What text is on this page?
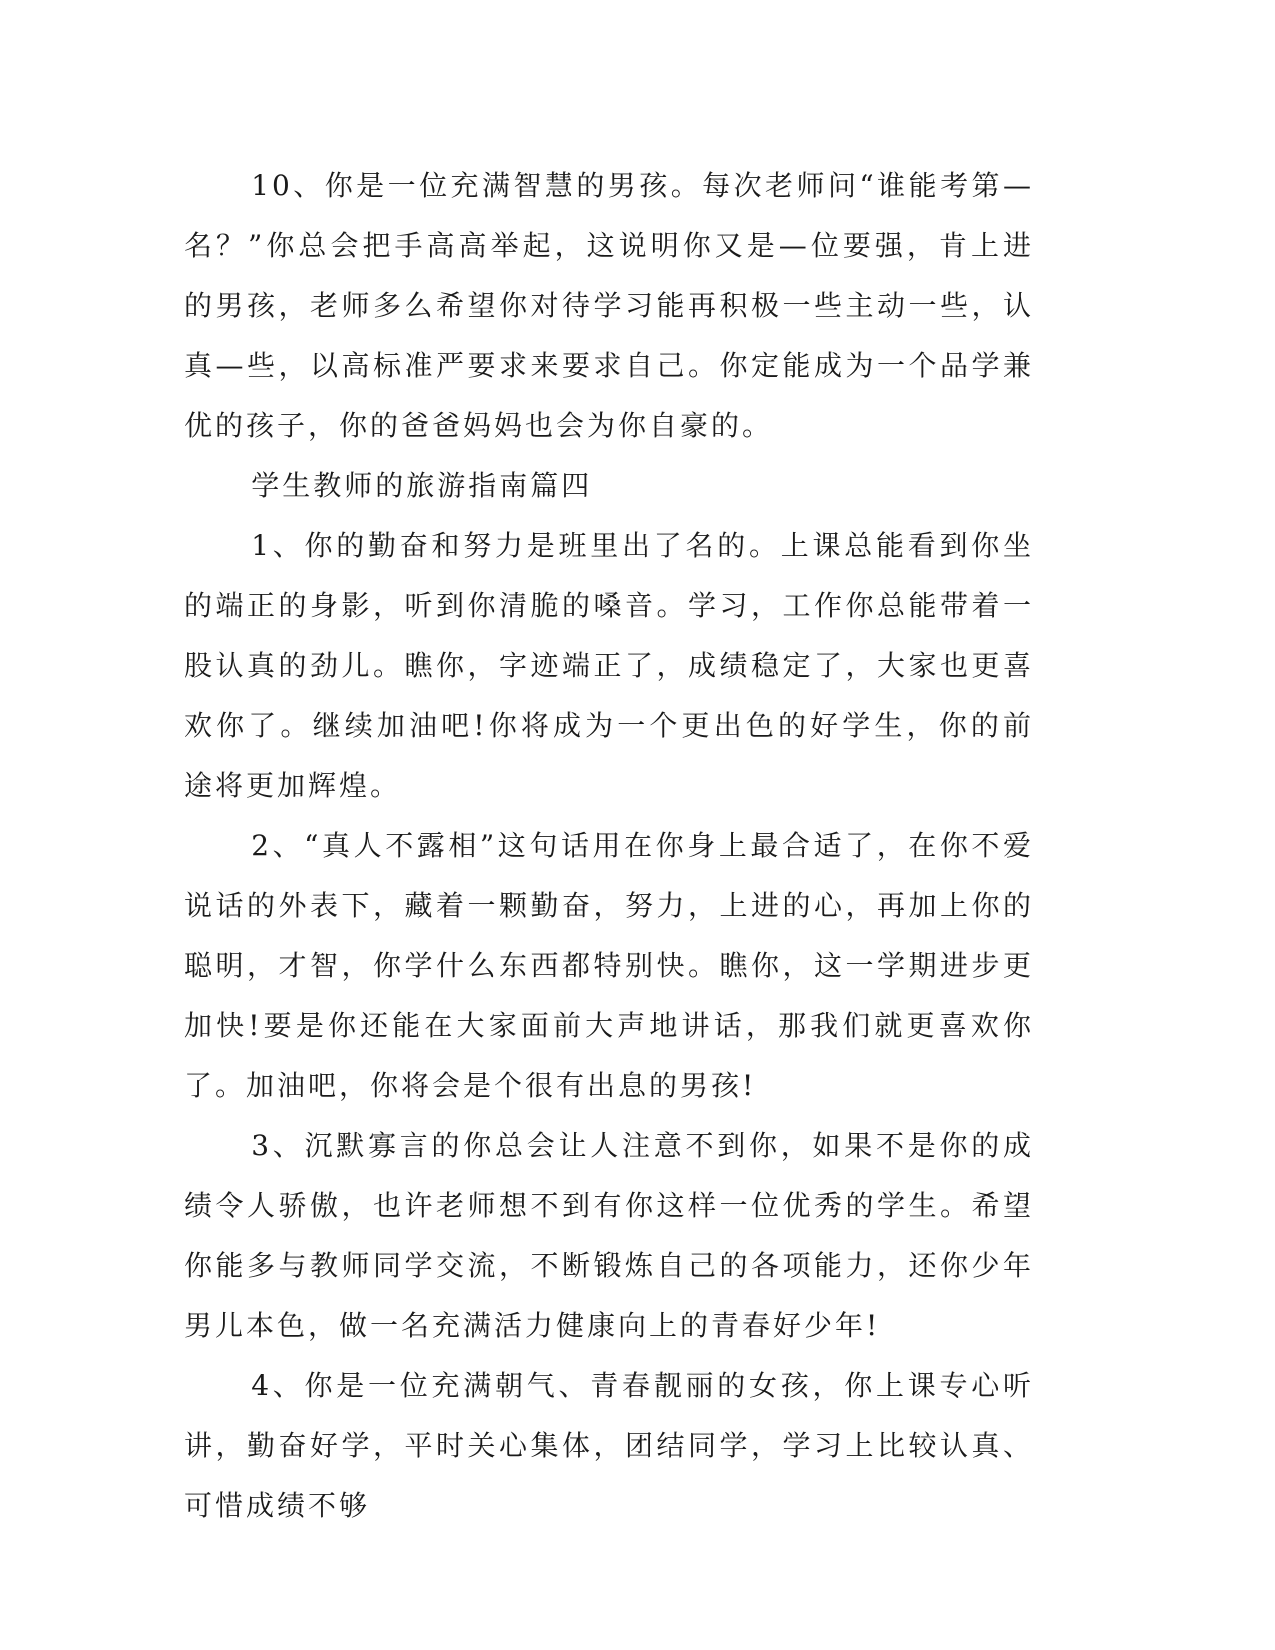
10、你是一位充满智慧的男孩。每次老师问“谁能考第—名？”你总会把手高高举起，这说明你又是—位要强，肯上进的男孩，老师多么希望你对待学习能再积极一些主动一些，认真—些，以高标准严要求来要求自己。你定能成为一个品学兼优的孩子，你的爸爸妈妈也会为你自豪的。

学生教师的旅游指南篇四

1、你的勤奋和努力是班里出了名的。上课总能看到你坐的端正的身影，听到你清脆的嗓音。学习，工作你总能带着一股认真的劲儿。瞧你，字迹端正了，成绩稳定了，大家也更喜欢你了。继续加油吧!你将成为一个更出色的好学生，你的前途将更加辉煌。

2、“真人不露相”这句话用在你身上最合适了，在你不爱说话的外表下，藏着一颗勤奋，努力，上进的心，再加上你的聪明，才智，你学什么东西都特别快。瞧你，这一学期进步更加快!要是你还能在大家面前大声地讲话，那我们就更喜欢你了。加油吧，你将会是个很有出息的男孩!

3、沉默寡言的你总会让人注意不到你，如果不是你的成绩令人骄傲，也许老师想不到有你这样一位优秀的学生。希望你能多与教师同学交流，不断锻炼自己的各项能力，还你少年男儿本色，做一名充满活力健康向上的青春好少年!

4、你是一位充满朝气、青春靓丽的女孩，你上课专心听讲，勤奋好学，平时关心集体，团结同学，学习上比较认真、可惜成绩不够
